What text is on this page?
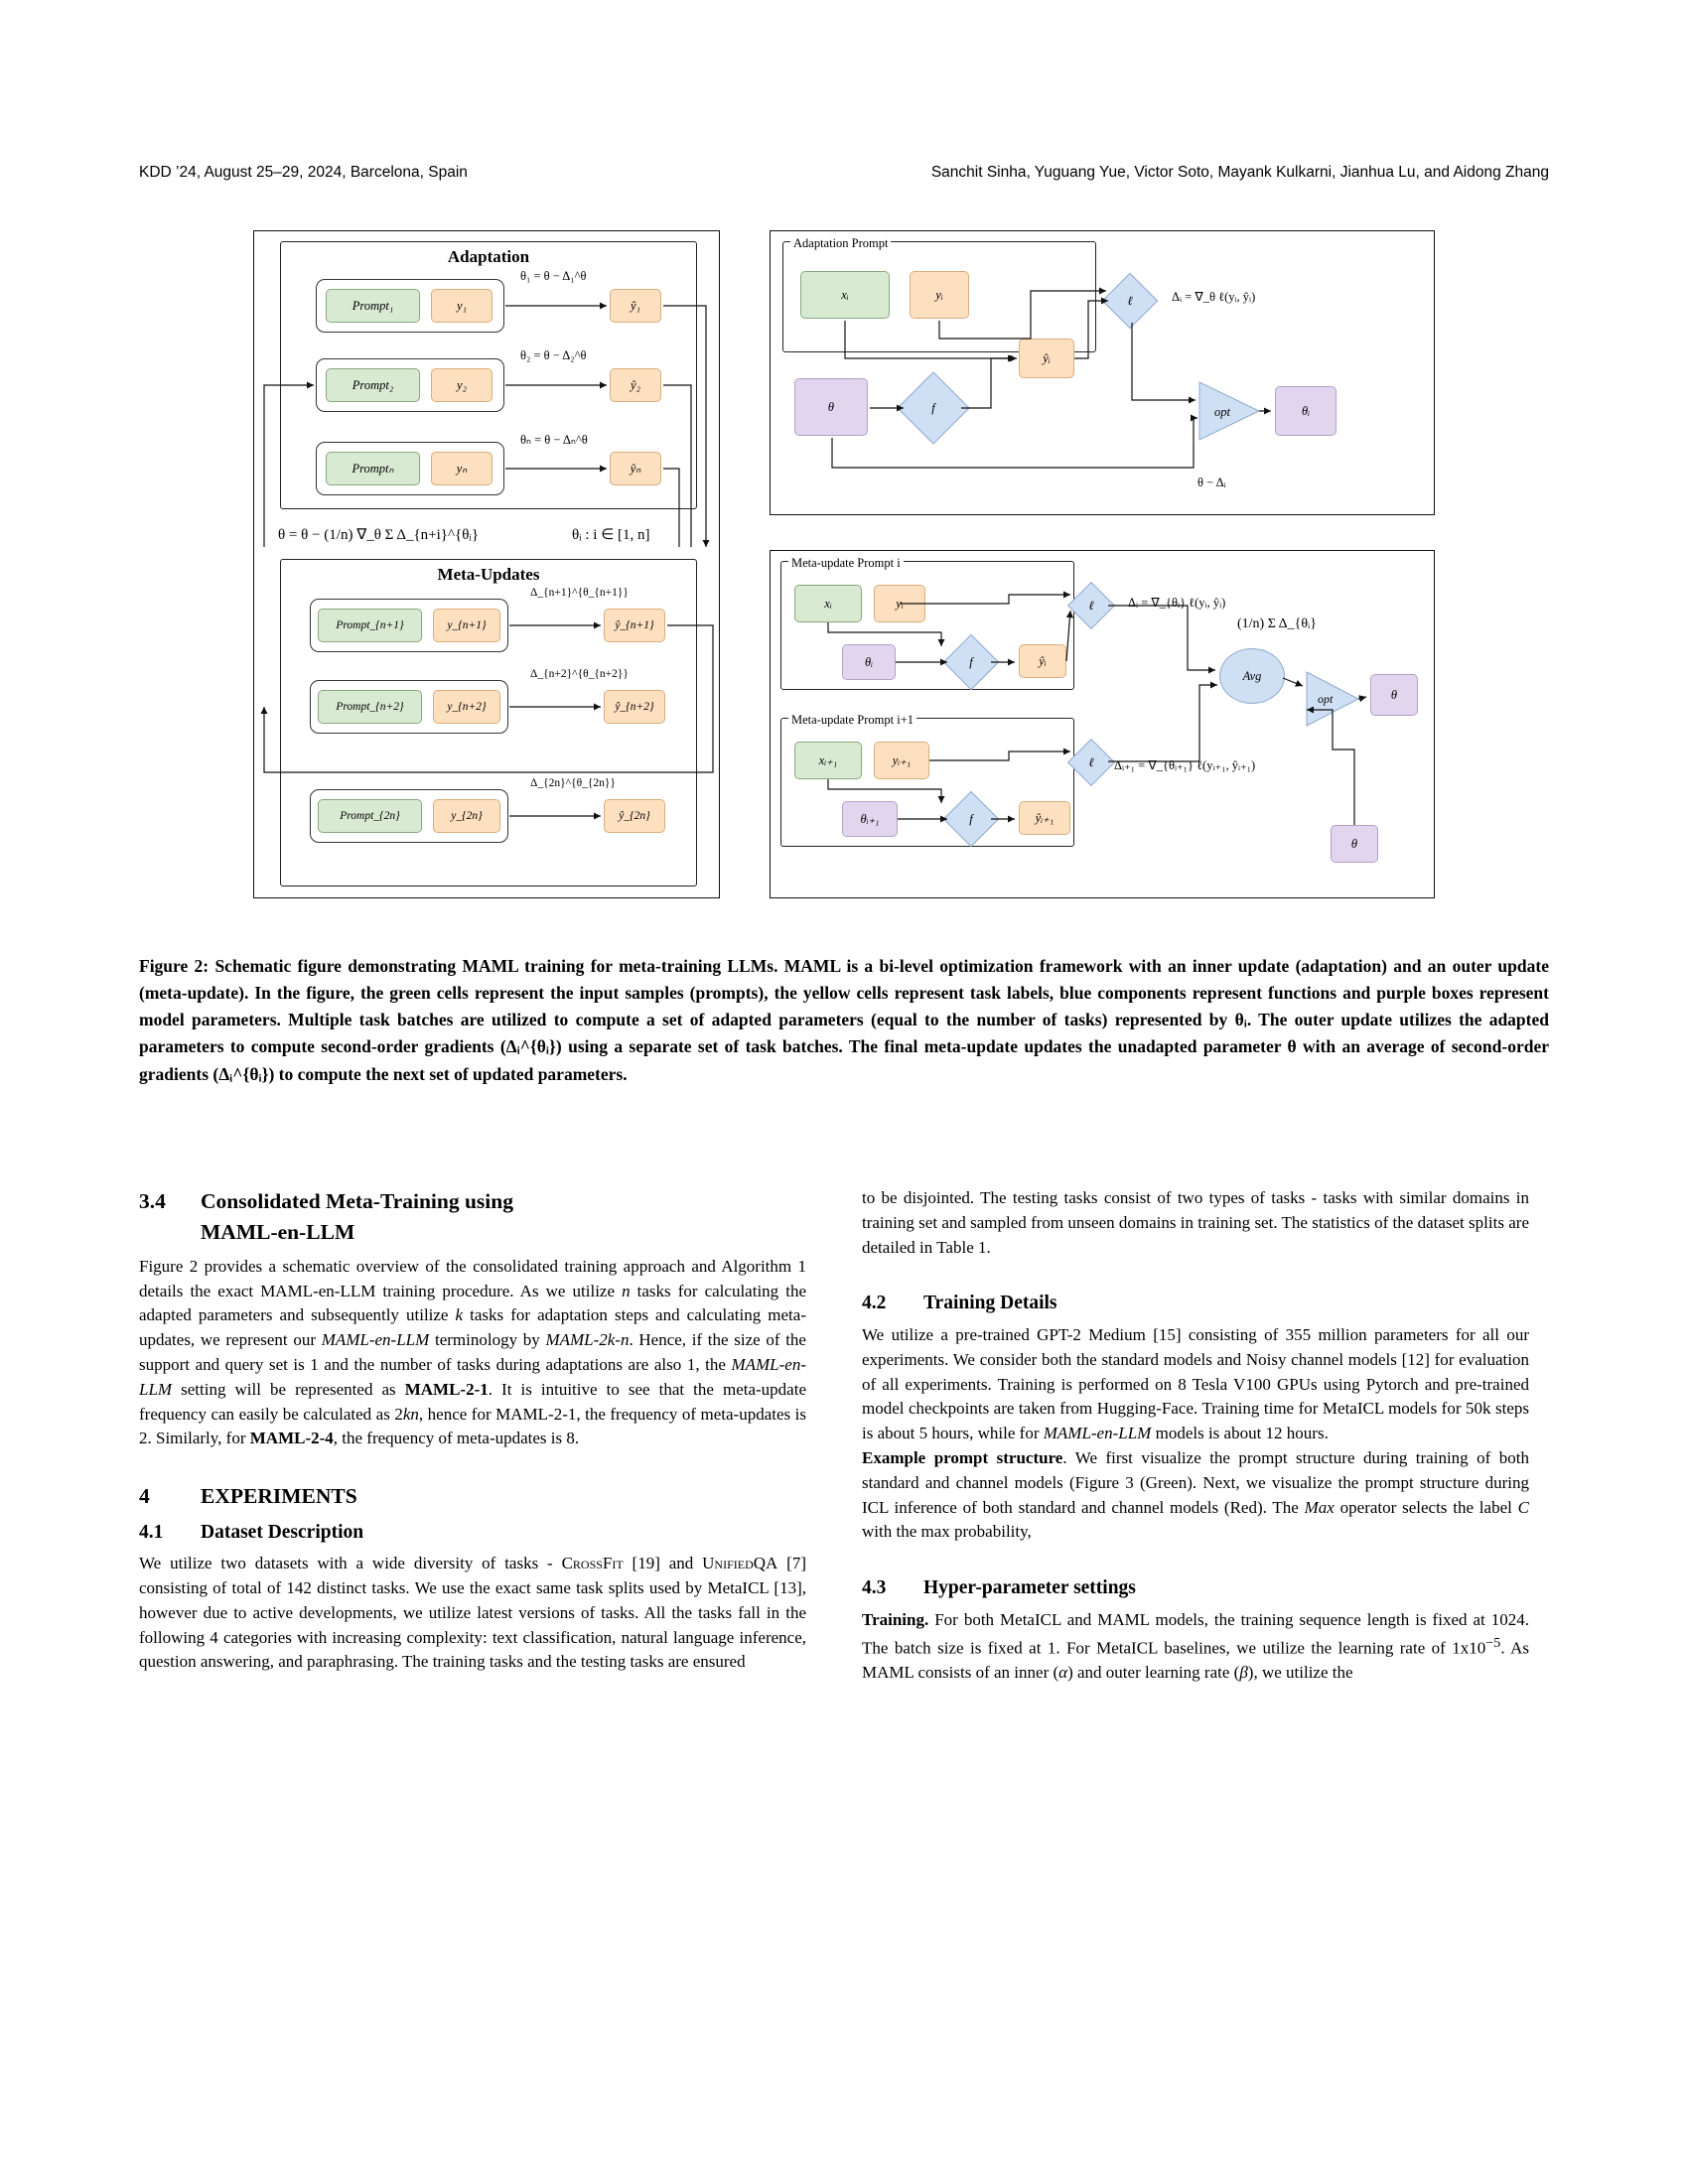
KDD ’24, August 25–29, 2024, Barcelona, Spain	Sanchit Sinha, Yuguang Yue, Victor Soto, Mayank Kulkarni, Jianhua Lu, and Aidong Zhang
Adaptation
Prompt₁	y₁
θ₁ = θ − Δ₁^θ
ŷ₁
Prompt₂	y₂
θ₂ = θ − Δ₂^θ
ŷ₂
Promptₙ	yₙ
θₙ = θ − Δₙ^θ
ŷₙ
θ = θ − (1/n) ∇_θ Σ Δ_{n+i}^{θᵢ}	θᵢ : i ∈ [1, n]
Meta-Updates
Prompt_{n+1}	y_{n+1}
Δ_{n+1}^{θ_{n+1}}
ŷ_{n+1}
Prompt_{n+2}	y_{n+2}
Δ_{n+2}^{θ_{n+2}}
ŷ_{n+2}
Prompt_{2n}	y_{2n}
Δ_{2n}^{θ_{2n}}
ŷ_{2n}
Adaptation Prompt
xᵢ	yᵢ
θ	f
ŷᵢ
ℓ	Δᵢ = ∇_θ ℓ(yᵢ, ŷᵢ)
opt	θᵢ
θ − Δᵢ
Meta-update Prompt i
xᵢ	yᵢ
θᵢ	f	ŷᵢ
ℓ	Δᵢ = ∇_{θᵢ} ℓ(yᵢ, ŷᵢ)
Meta-update Prompt i+1
xᵢ₊₁	yᵢ₊₁
θᵢ₊₁	f	ŷᵢ₊₁
ℓ	Δᵢ₊₁ = ∇_{θᵢ₊₁} ℓ(yᵢ₊₁, ŷᵢ₊₁)
Avg
(1/n) Σ Δ_{θᵢ}
opt	θ
θ
Figure 2: Schematic figure demonstrating MAML training for meta-training LLMs. MAML is a bi-level optimization framework with an inner update (adaptation) and an outer update (meta-update). In the figure, the green cells represent the input samples (prompts), the yellow cells represent task labels, blue components represent functions and purple boxes represent model parameters. Multiple task batches are utilized to compute a set of adapted parameters (equal to the number of tasks) represented by θᵢ. The outer update utilizes the adapted parameters to compute second-order gradients (Δᵢ^{θᵢ}) using a separate set of task batches. The final meta-update updates the unadapted parameter θ with an average of second-order gradients (Δᵢ^{θᵢ}) to compute the next set of updated parameters.
3.4	Consolidated Meta-Training using
MAML-en-LLM

Figure 2 provides a schematic overview of the consolidated training approach and Algorithm 1 details the exact MAML-en-LLM training procedure. As we utilize n tasks for calculating the adapted parameters and subsequently utilize k tasks for adaptation steps and calculating meta-updates, we represent our MAML-en-LLM terminology by MAML-2k-n. Hence, if the size of the support and query set is 1 and the number of tasks during adaptations are also 1, the MAML-en-LLM setting will be represented as MAML-2-1. It is intuitive to see that the meta-update frequency can easily be calculated as 2kn, hence for MAML-2-1, the frequency of meta-updates is 2. Similarly, for MAML-2-4, the frequency of meta-updates is 8.

4	EXPERIMENTS
4.1	Dataset Description

We utilize two datasets with a wide diversity of tasks - CrossFit [19] and UnifiedQA [7] consisting of total of 142 distinct tasks. We use the exact same task splits used by MetaICL [13], however due to active developments, we utilize latest versions of tasks. All the tasks fall in the following 4 categories with increasing complexity: text classification, natural language inference, question answering, and paraphrasing. The training tasks and the testing tasks are ensured

to be disjointed. The testing tasks consist of two types of tasks - tasks with similar domains in training set and sampled from unseen domains in training set. The statistics of the dataset splits are detailed in Table 1.

4.2	Training Details

We utilize a pre-trained GPT-2 Medium [15] consisting of 355 million parameters for all our experiments. We consider both the standard models and Noisy channel models [12] for evaluation of all experiments. Training is performed on 8 Tesla V100 GPUs using Pytorch and pre-trained model checkpoints are taken from Hugging-Face. Training time for MetaICL models for 50k steps is about 5 hours, while for MAML-en-LLM models is about 12 hours.

Example prompt structure. We first visualize the prompt structure during training of both standard and channel models (Figure 3 (Green). Next, we visualize the prompt structure during ICL inference of both standard and channel models (Red). The Max operator selects the label C with the max probability,

4.3	Hyper-parameter settings

Training. For both MetaICL and MAML models, the training sequence length is fixed at 1024. The batch size is fixed at 1. For MetaICL baselines, we utilize the learning rate of $1x10^{-5}$. As MAML consists of an inner (α) and outer learning rate (β), we utilize the
